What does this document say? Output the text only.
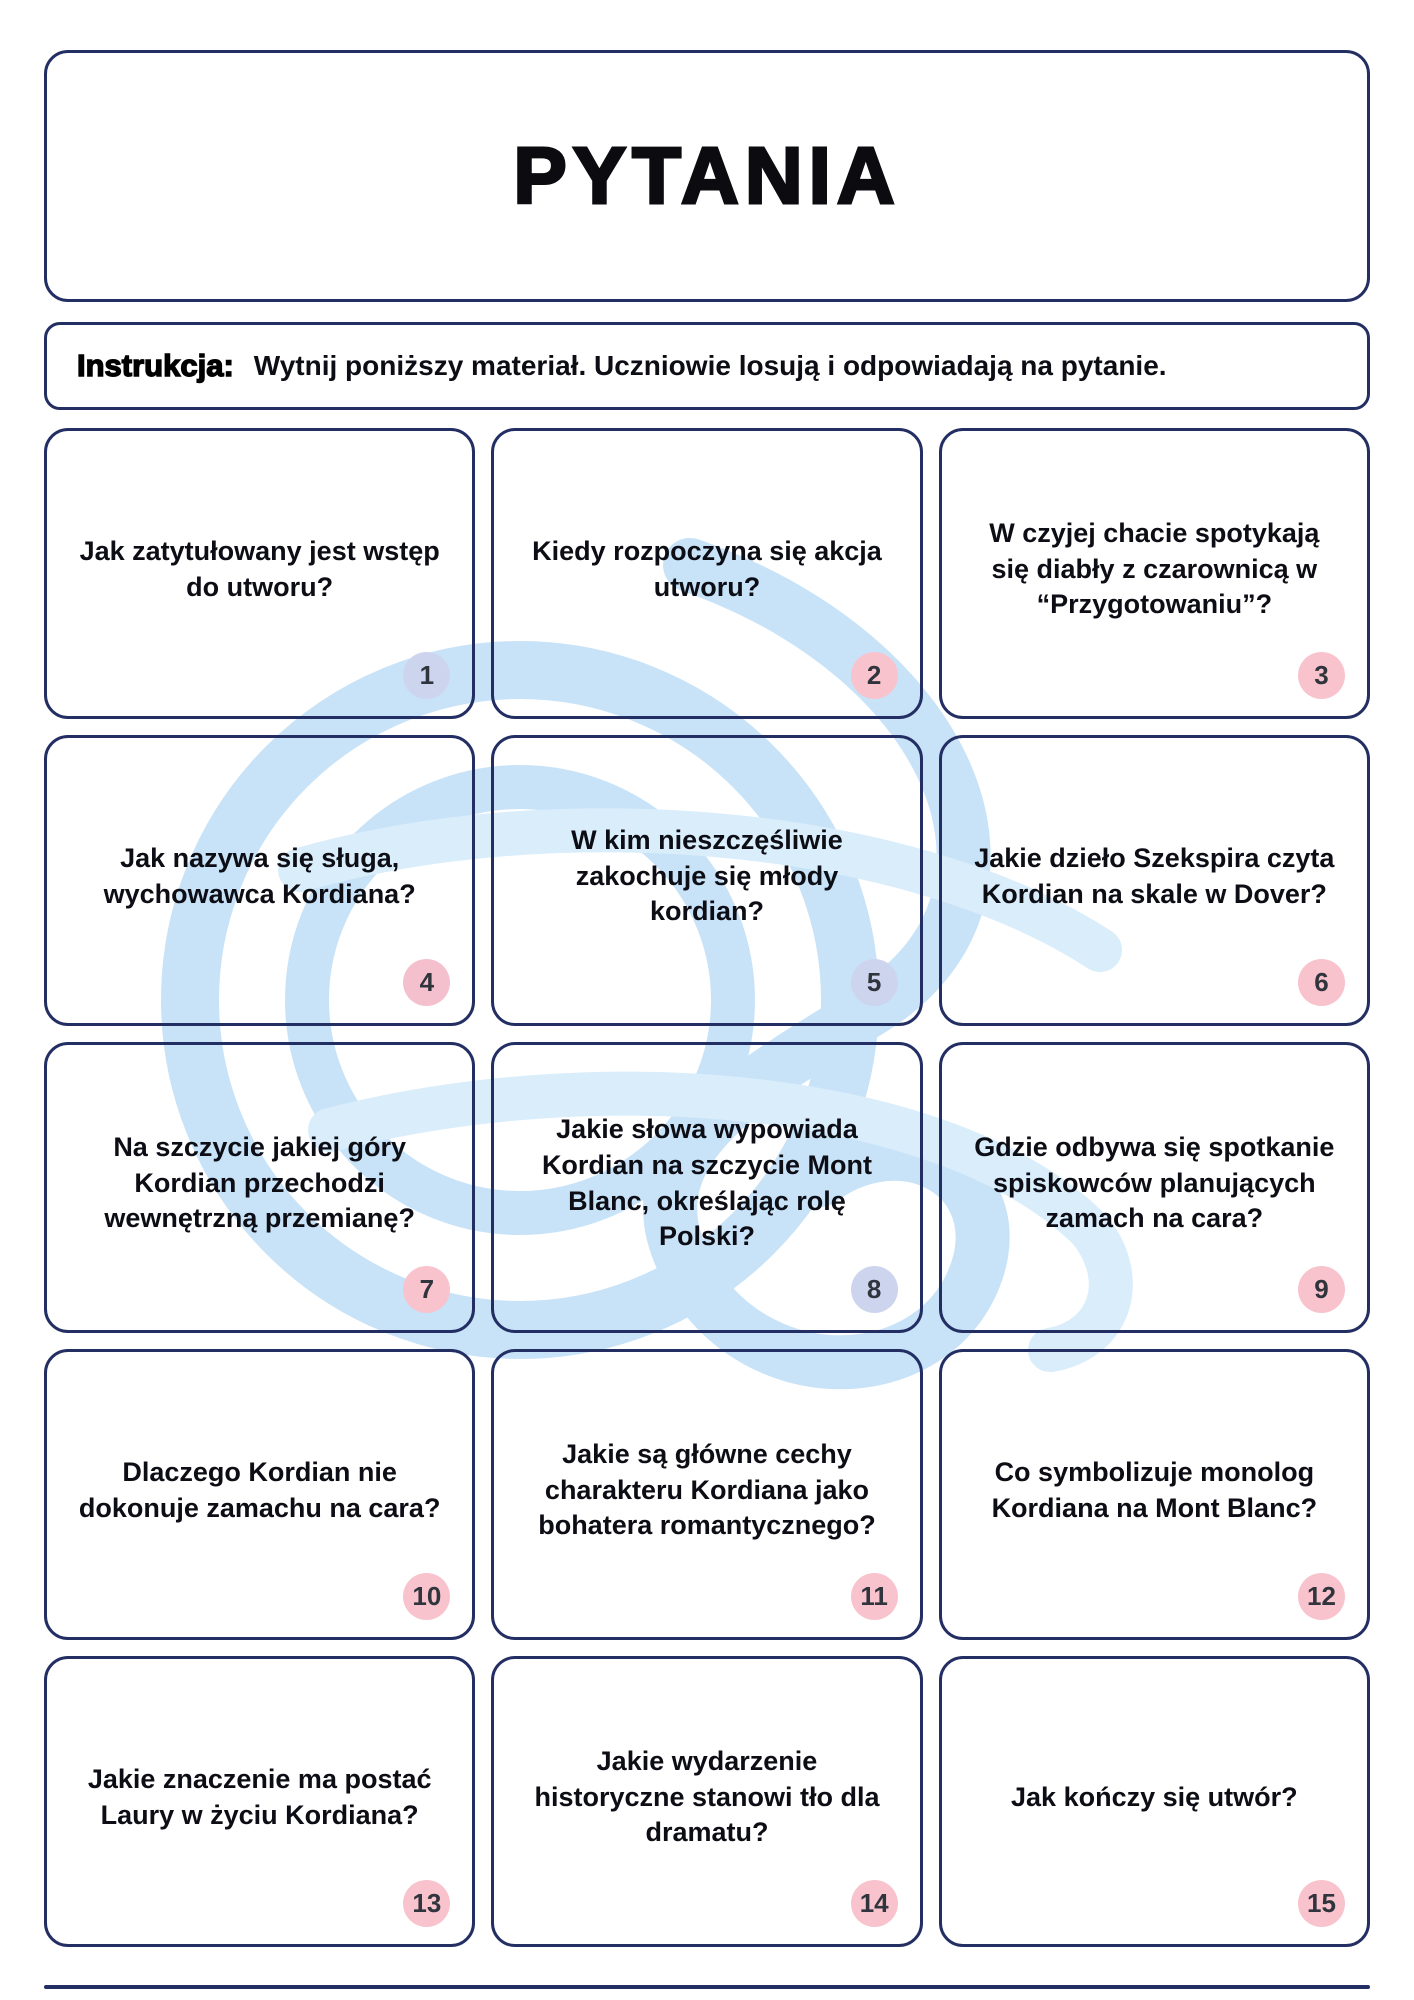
PYTANIA
Instrukcja: Wytnij poniższy materiał. Uczniowie losują i odpowiadają na pytanie.
Jak zatytułowany jest wstęp do utworu?
1
Kiedy rozpoczyna się akcja utworu?
2
W czyjej chacie spotykają się diabły z czarownicą w “Przygotowaniu”?
3
Jak nazywa się sługa, wychowawca Kordiana?
4
W kim nieszczęśliwie zakochuje się młody kordian?
5
Jakie dzieło Szekspira czyta Kordian na skale w Dover?
6
Na szczycie jakiej góry Kordian przechodzi wewnętrzną przemianę?
7
Jakie słowa wypowiada Kordian na szczycie Mont Blanc, określając rolę Polski?
8
Gdzie odbywa się spotkanie spiskowców planujących zamach na cara?
9
Dlaczego Kordian nie dokonuje zamachu na cara?
10
Jakie są główne cechy charakteru Kordiana jako bohatera romantycznego?
11
Co symbolizuje monolog Kordiana na Mont Blanc?
12
Jakie znaczenie ma postać Laury w życiu Kordiana?
13
Jakie wydarzenie historyczne stanowi tło dla dramatu?
14
Jak kończy się utwór?
15
